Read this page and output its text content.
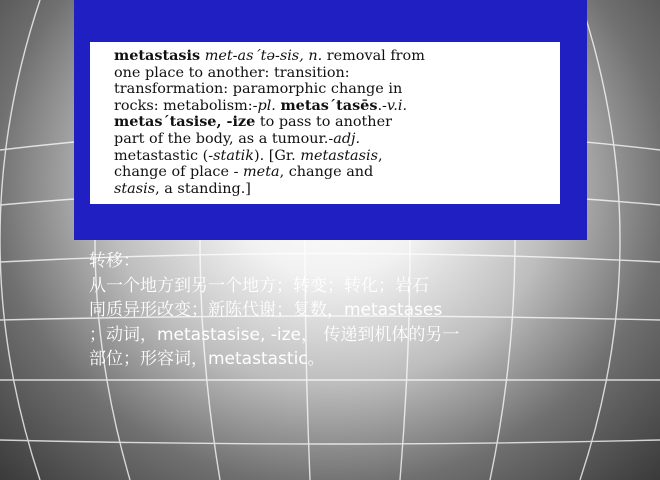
metastasis met-as´tə-sis, n. removal from
one place to another: transition:
transformation: paramorphic change in
rocks: metabolism:-pl. metas´tasēs.-v.i.
metas´tasise, -ize to pass to another
part of the body, as a tumour.-adj.
metastastic (-statik). [Gr. metastasis,
change of place - meta, change and
stasis, a standing.]
转移：
从一个地方到另一个地方；转变；转化；岩石
同质异形改变；新陈代谢；复数，metastases
；动词，metastasise, -ize， 传递到机体的另一
部位；形容词，metastastic。
